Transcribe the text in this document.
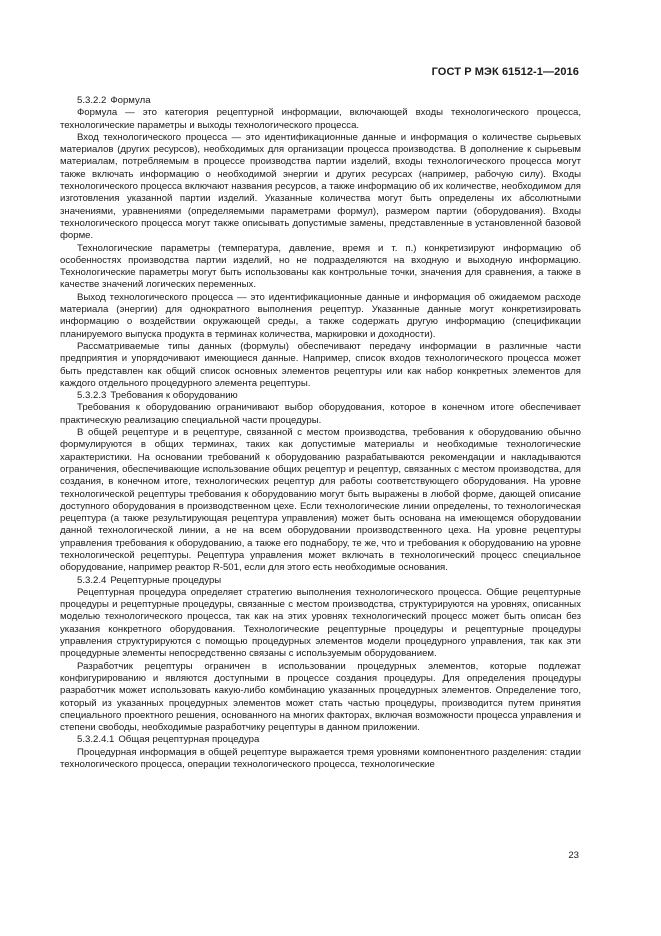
ГОСТ Р МЭК 61512-1—2016
5.3.2.2 Формула

Формула — это категория рецептурной информации, включающей входы технологического процесса, технологические параметры и выходы технологического процесса.

Вход технологического процесса — это идентификационные данные и информация о количестве сырьевых материалов (других ресурсов), необходимых для организации процесса производства. В дополнение к сырьевым материалам, потребляемым в процессе производства партии изделий, входы технологического процесса могут также включать информацию о необходимой энергии и других ресурсах (например, рабочую силу). Входы технологического процесса включают названия ресурсов, а также информацию об их количестве, необходимом для изготовления указанной партии изделий. Указанные количества могут быть определены их абсолютными значениями, уравнениями (определяемыми параметрами формул), размером партии (оборудования). Входы технологического процесса могут также описывать допустимые замены, представленные в установленной базовой форме.

Технологические параметры (температура, давление, время и т. п.) конкретизируют информацию об особенностях производства партии изделий, но не подразделяются на входную и выходную информацию. Технологические параметры могут быть использованы как контрольные точки, значения для сравнения, а также в качестве значений логических переменных.

Выход технологического процесса — это идентификационные данные и информация об ожидаемом расходе материала (энергии) для однократного выполнения рецептур. Указанные данные могут конкретизировать информацию о воздействии окружающей среды, а также содержать другую информацию (спецификации планируемого выпуска продукта в терминах количества, маркировки и доходности).

Рассматриваемые типы данных (формулы) обеспечивают передачу информации в различные части предприятия и упорядочивают имеющиеся данные. Например, список входов технологического процесса может быть представлен как общий список основных элементов рецептуры или как набор конкретных элементов для каждого отдельного процедурного элемента рецептуры.

5.3.2.3 Требования к оборудованию

Требования к оборудованию ограничивают выбор оборудования, которое в конечном итоге обеспечивает практическую реализацию специальной части процедуры.

В общей рецептуре и в рецептуре, связанной с местом производства, требования к оборудованию обычно формулируются в общих терминах, таких как допустимые материалы и необходимые технологические характеристики. На основании требований к оборудованию разрабатываются рекомендации и накладываются ограничения, обеспечивающие использование общих рецептур и рецептур, связанных с местом производства, для создания, в конечном итоге, технологических рецептур для работы соответствующего оборудования. На уровне технологической рецептуры требования к оборудованию могут быть выражены в любой форме, дающей описание доступного оборудования в производственном цехе. Если технологические линии определены, то технологическая рецептура (а также результирующая рецептура управления) может быть основана на имеющемся оборудовании данной технологической линии, а не на всем оборудовании производственного цеха. На уровне рецептуры управления требования к оборудованию, а также его поднабору, те же, что и требования к оборудованию на уровне технологической рецептуры. Рецептура управления может включать в технологический процесс специальное оборудование, например реактор R-501, если для этого есть необходимые основания.

5.3.2.4 Рецептурные процедуры

Рецептурная процедура определяет стратегию выполнения технологического процесса. Общие рецептурные процедуры и рецептурные процедуры, связанные с местом производства, структурируются на уровнях, описанных моделью технологического процесса, так как на этих уровнях технологический процесс может быть описан без указания конкретного оборудования. Технологические рецептурные процедуры и рецептурные процедуры управления структурируются с помощью процедурных элементов модели процедурного управления, так как эти процедурные элементы непосредственно связаны с используемым оборудованием.

Разработчик рецептуры ограничен в использовании процедурных элементов, которые подлежат конфигурированию и являются доступными в процессе создания процедуры. Для определения процедуры разработчик может использовать какую-либо комбинацию указанных процедурных элементов. Определение того, который из указанных процедурных элементов может стать частью процедуры, производится путем принятия специального проектного решения, основанного на многих факторах, включая возможности процесса управления и степени свободы, необходимые разработчику рецептуры в данном приложении.

5.3.2.4.1 Общая рецептурная процедура

Процедурная информация в общей рецептуре выражается тремя уровнями компонентного разделения: стадии технологического процесса, операции технологического процесса, технологические

23
